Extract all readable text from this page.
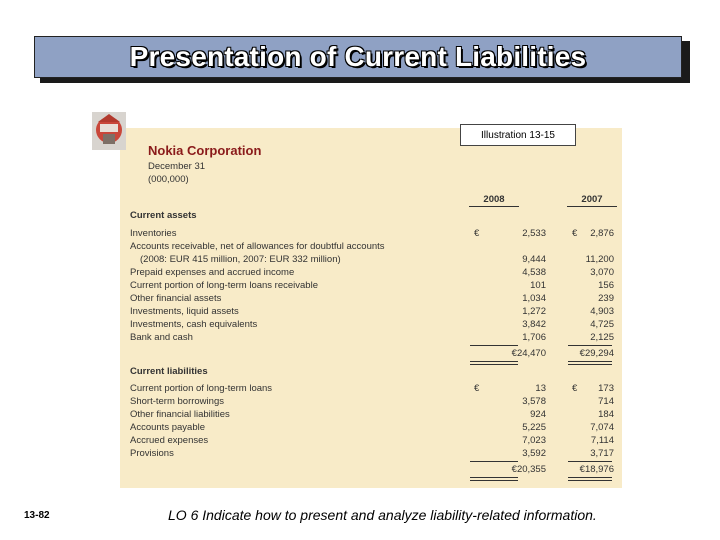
Presentation of Current Liabilities
Illustration 13-15
Nokia Corporation
December 31
(000,000)
2008	2007
Current assets
Inventories	€	2,533	€	2,876
Accounts receivable, net of allowances for doubtful accounts
(2008: EUR 415 million, 2007: EUR 332 million)	9,444	11,200
Prepaid expenses and accrued income	4,538	3,070
Current portion of long-term loans receivable	101	156
Other financial assets	1,034	239
Investments, liquid assets	1,272	4,903
Investments, cash equivalents	3,842	4,725
Bank and cash	1,706	2,125
€24,470	€29,294
Current liabilities
Current portion of long-term loans	€	13	€	173
Short-term borrowings	3,578	714
Other financial liabilities	924	184
Accounts payable	5,225	7,074
Accrued expenses	7,023	7,114
Provisions	3,592	3,717
€20,355	€18,976
13-82	LO 6 Indicate how to present and analyze liability-related information.
